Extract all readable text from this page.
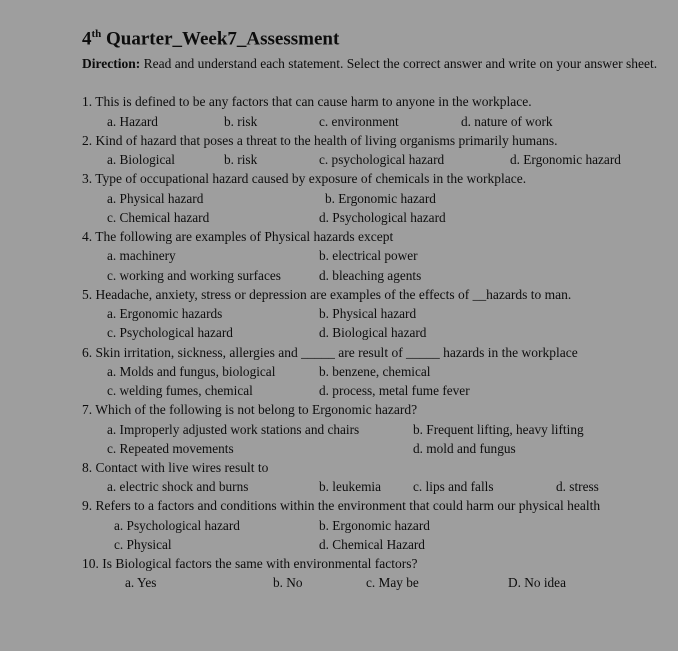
4th Quarter_Week7_Assessment
Direction: Read and understand each statement. Select the correct answer and write on your answer sheet.
1. This is defined to be any factors that can cause harm to anyone in the workplace.
a. Hazard	b. risk	c. environment	d. nature of work
2. Kind of hazard that poses a threat to the health of living organisms primarily humans.
a. Biological	b. risk	c. psychological hazard	d. Ergonomic hazard
3. Type of occupational hazard caused by exposure of chemicals in the workplace.
a. Physical hazard	b. Ergonomic hazard
c. Chemical hazard	d. Psychological hazard
4. The following are examples of Physical hazards except
a. machinery	b. electrical power
c. working and working surfaces	d. bleaching agents
5. Headache, anxiety, stress or depression are examples of the effects of __hazards to man.
a. Ergonomic hazards	b. Physical hazard
c. Psychological hazard	d. Biological hazard
6. Skin irritation, sickness, allergies and _____ are result of _____ hazards in the workplace
a. Molds and fungus, biological	b. benzene, chemical
c. welding fumes, chemical	d. process, metal fume fever
7. Which of the following is not belong to Ergonomic hazard?
a. Improperly adjusted work stations and chairs	b. Frequent lifting, heavy lifting
c. Repeated movements	d. mold and fungus
8. Contact with live wires result to
a. electric shock and burns	b. leukemia c. lips and falls	d. stress
9. Refers to a factors and conditions within the environment that could harm our physical health
a. Psychological hazard	b. Ergonomic hazard
c. Physical	d. Chemical Hazard
10. Is Biological factors the same with environmental factors?
a. Yes	b. No	c. May be	D. No idea
